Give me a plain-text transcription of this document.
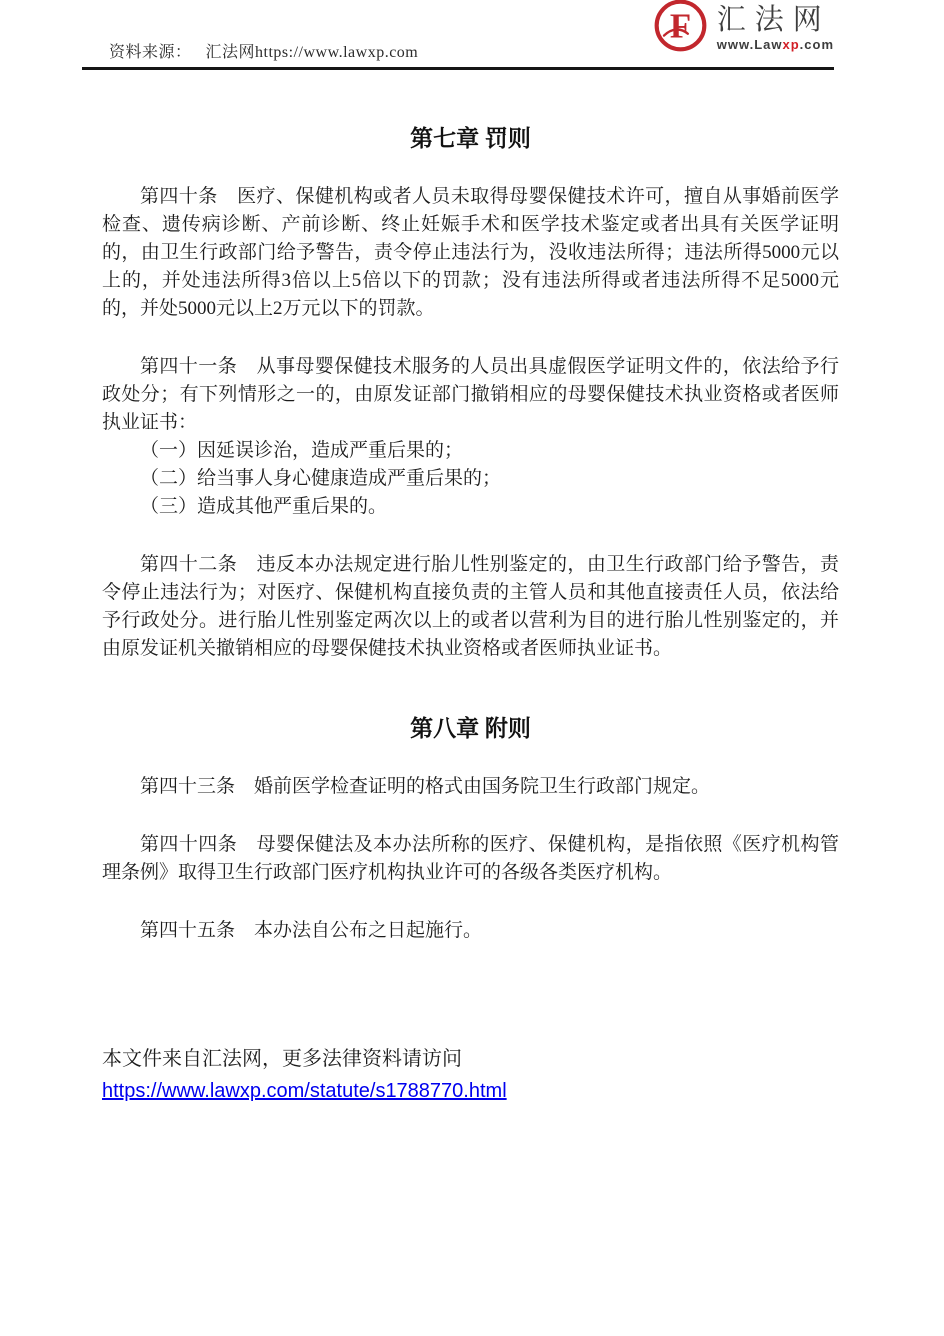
资料来源： 汇法网https://www.lawxp.com
F 汇法网
www.Lawxp.com
第七章 罚则
第四十条　医疗、保健机构或者人员未取得母婴保健技术许可，擅自从事婚前医学检查、遗传病诊断、产前诊断、终止妊娠手术和医学技术鉴定或者出具有关医学证明的，由卫生行政部门给予警告，责令停止违法行为，没收违法所得；违法所得5000元以上的，并处违法所得3倍以上5倍以下的罚款；没有违法所得或者违法所得不足5000元的，并处5000元以上2万元以下的罚款。
第四十一条　从事母婴保健技术服务的人员出具虚假医学证明文件的，依法给予行政处分；有下列情形之一的，由原发证部门撤销相应的母婴保健技术执业资格或者医师执业证书：
（一）因延误诊治，造成严重后果的；
（二）给当事人身心健康造成严重后果的；
（三）造成其他严重后果的。
第四十二条　违反本办法规定进行胎儿性别鉴定的，由卫生行政部门给予警告，责令停止违法行为；对医疗、保健机构直接负责的主管人员和其他直接责任人员，依法给予行政处分。进行胎儿性别鉴定两次以上的或者以营利为目的进行胎儿性别鉴定的，并由原发证机关撤销相应的母婴保健技术执业资格或者医师执业证书。
第八章 附则
第四十三条　婚前医学检查证明的格式由国务院卫生行政部门规定。
第四十四条　母婴保健法及本办法所称的医疗、保健机构，是指依照《医疗机构管理条例》取得卫生行政部门医疗机构执业许可的各级各类医疗机构。
第四十五条　本办法自公布之日起施行。
本文件来自汇法网，更多法律资料请访问
https://www.lawxp.com/statute/s1788770.html
